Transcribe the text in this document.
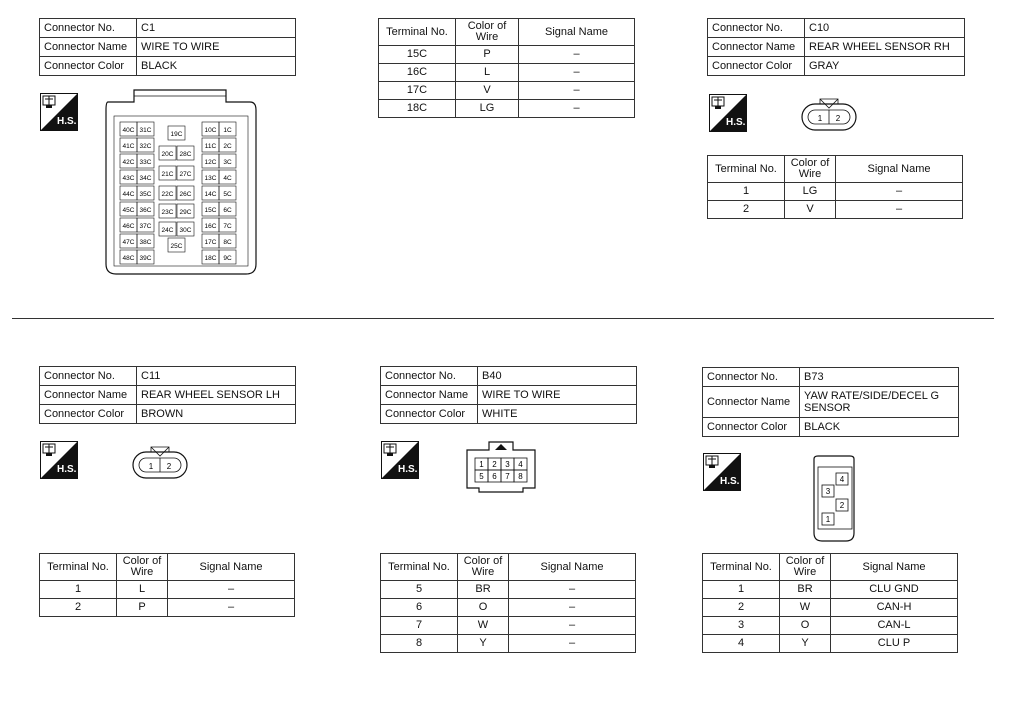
Connector No.	C1
Connector Name	WIRE TO WIRE
Connector Color	BLACK
H.S.
40C 31C
41C 32C
42C 33C
43C 34C
44C 35C
45C 36C
46C 37C
47C 38C
48C 39C
19C
20C 28C
21C 27C
22C 26C
23C 29C
24C 30C
25C
10C 1C
11C 2C
12C 3C
13C 4C
14C 5C
15C 6C
16C 7C
17C 8C
18C 9C
Terminal No.	Color of Wire	Signal Name
15C	P	–
16C	L	–
17C	V	–
18C	LG	–
Connector No.	C10
Connector Name	REAR WHEEL SENSOR RH
Connector Color	GRAY
H.S.	1 2
Terminal No.	Color of Wire	Signal Name
1	LG	–
2	V	–
Connector No.	C11
Connector Name	REAR WHEEL SENSOR LH
Connector Color	BROWN
H.S.	1 2
Terminal No.	Color of Wire	Signal Name
1	L	–
2	P	–
Connector No.	B40
Connector Name	WIRE TO WIRE
Connector Color	WHITE
H.S.	1 2 3 4
5 6 7 8
Terminal No.	Color of Wire	Signal Name
5	BR	–
6	O	–
7	W	–
8	Y	–
Connector No.	B73
Connector Name	YAW RATE/SIDE/DECEL G SENSOR
Connector Color	BLACK
H.S.	4
3
2
1
Terminal No.	Color of Wire	Signal Name
1	BR	CLU GND
2	W	CAN-H
3	O	CAN-L
4	Y	CLU P
